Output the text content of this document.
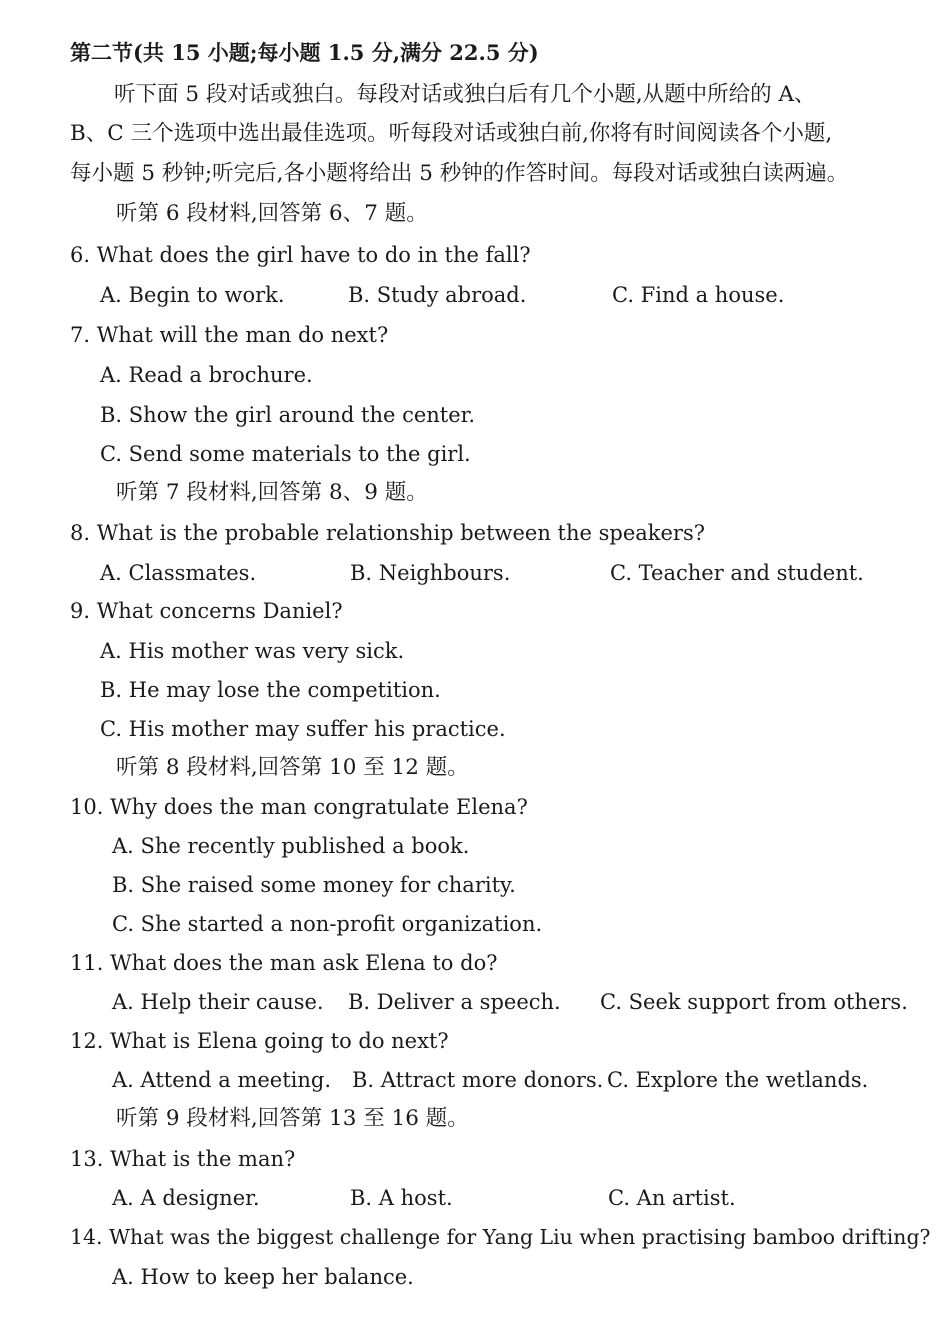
第二节(共 15 小题;每小题 1.5 分,满分 22.5 分)
听下面 5 段对话或独白。每段对话或独白后有几个小题,从题中所给的 A、
B、C 三个选项中选出最佳选项。听每段对话或独白前,你将有时间阅读各个小题,
每小题 5 秒钟;听完后,各小题将给出 5 秒钟的作答时间。每段对话或独白读两遍。
听第 6 段材料,回答第 6、7 题。
6. What does the girl have to do in the fall?
A. Begin to work.	B. Study abroad.	C. Find a house.
7. What will the man do next?
A. Read a brochure.
B. Show the girl around the center.
C. Send some materials to the girl.
听第 7 段材料,回答第 8、9 题。
8. What is the probable relationship between the speakers?
A. Classmates.	B. Neighbours.	C. Teacher and student.
9. What concerns Daniel?
A. His mother was very sick.
B. He may lose the competition.
C. His mother may suffer his practice.
听第 8 段材料,回答第 10 至 12 题。
10. Why does the man congratulate Elena?
A. She recently published a book.
B. She raised some money for charity.
C. She started a non-profit organization.
11. What does the man ask Elena to do?
A. Help their cause. B. Deliver a speech. C. Seek support from others.
12. What is Elena going to do next?
A. Attend a meeting. B. Attract more donors. C. Explore the wetlands.
听第 9 段材料,回答第 13 至 16 题。
13. What is the man?
A. A designer.	B. A host.	C. An artist.
14. What was the biggest challenge for Yang Liu when practising bamboo drifting?
A. How to keep her balance.
